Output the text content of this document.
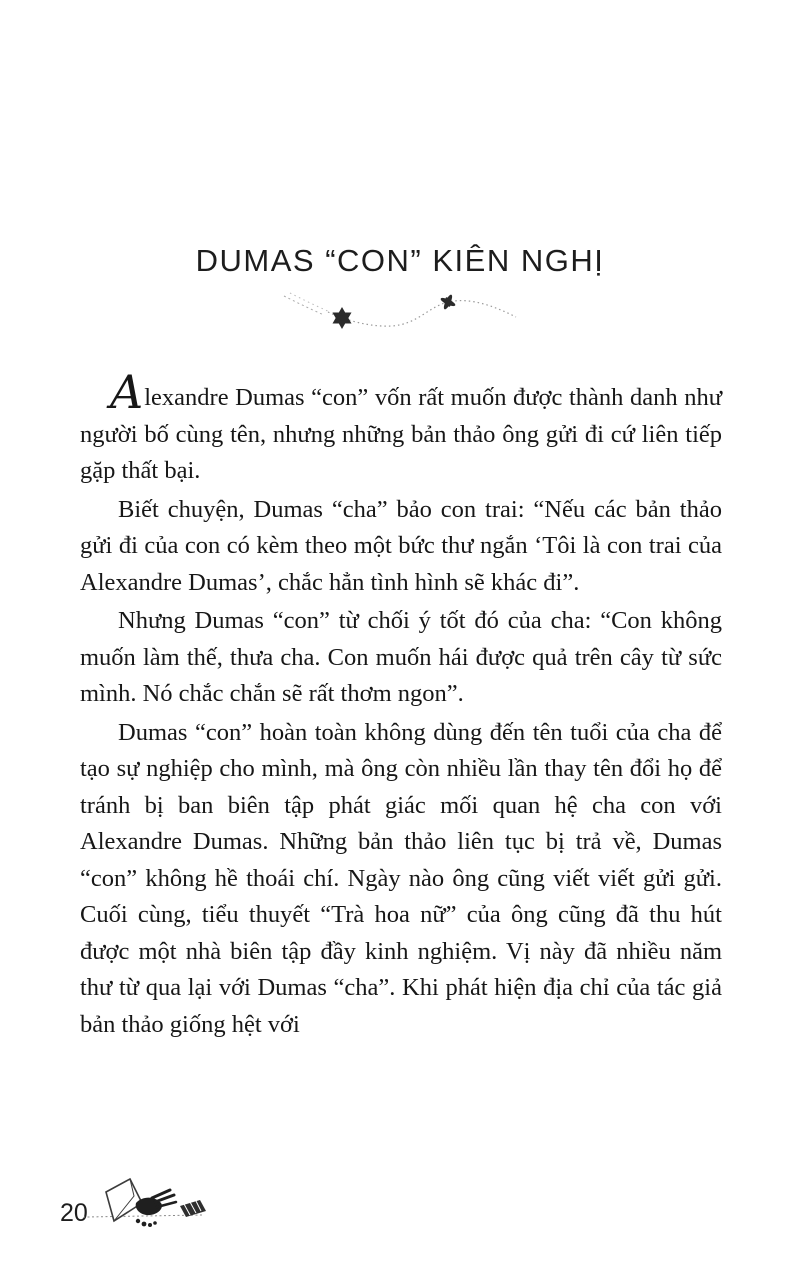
DUMAS “CON” KIÊN NGHỊ

Alexandre Dumas “con” vốn rất muốn được thành danh như người bố cùng tên, nhưng những bản thảo ông gửi đi cứ liên tiếp gặp thất bại.

Biết chuyện, Dumas “cha” bảo con trai: “Nếu các bản thảo gửi đi của con có kèm theo một bức thư ngắn ‘Tôi là con trai của Alexandre Dumas’, chắc hẳn tình hình sẽ khác đi”.

Nhưng Dumas “con” từ chối ý tốt đó của cha: “Con không muốn làm thế, thưa cha. Con muốn hái được quả trên cây từ sức mình. Nó chắc chắn sẽ rất thơm ngon”.

Dumas “con” hoàn toàn không dùng đến tên tuổi của cha để tạo sự nghiệp cho mình, mà ông còn nhiều lần thay tên đổi họ để tránh bị ban biên tập phát giác mối quan hệ cha con với Alexandre Dumas. Những bản thảo liên tục bị trả về, Dumas “con” không hề thoái chí. Ngày nào ông cũng viết viết gửi gửi. Cuối cùng, tiểu thuyết “Trà hoa nữ” của ông cũng đã thu hút được một nhà biên tập đầy kinh nghiệm. Vị này đã nhiều năm thư từ qua lại với Dumas “cha”. Khi phát hiện địa chỉ của tác giả bản thảo giống hệt với

20
